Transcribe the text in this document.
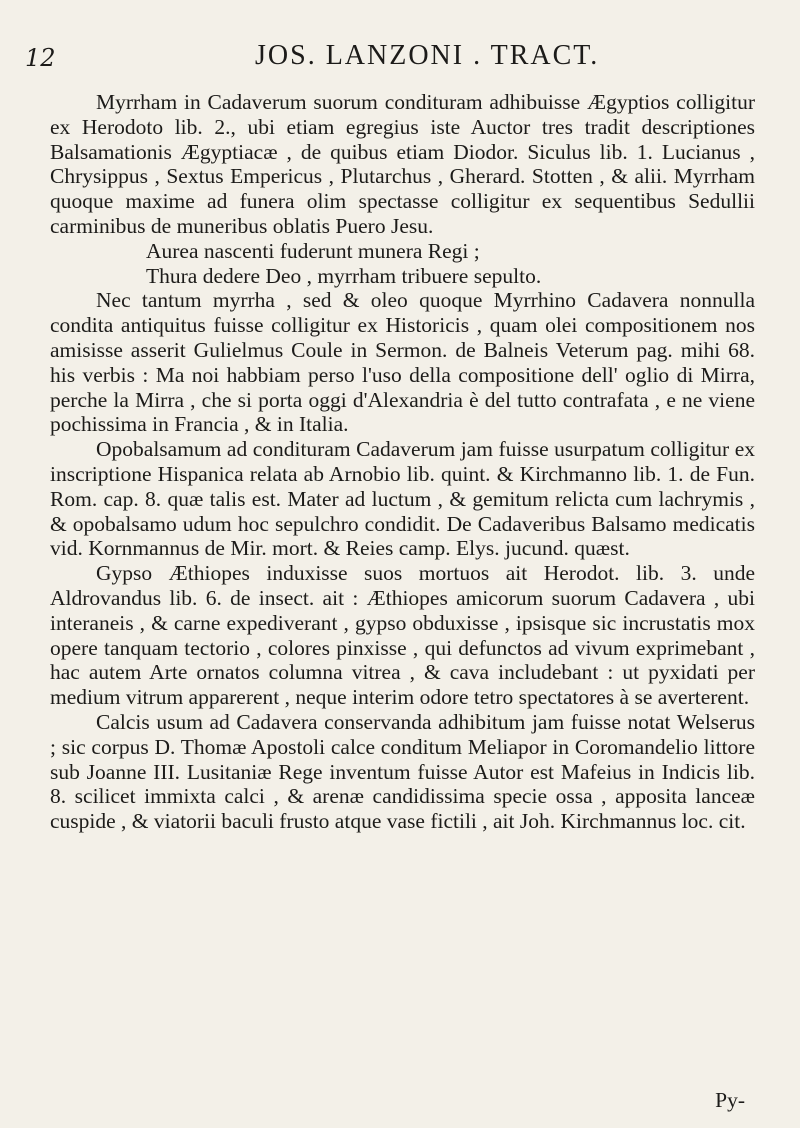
12	JOS. LANZONI . TRACT.

Myrrham in Cadaverum suorum condituram adhibuisse Ægyptios colligitur ex Herodoto lib. 2., ubi etiam egregius iste Auctor tres tradit descriptiones Balsamationis Ægyptiacæ , de quibus etiam Diodor. Siculus lib. 1. Lucianus , Chrysippus , Sextus Empericus , Plutarchus , Gherard. Stotten , & alii. Myrrham quoque maxime ad funera olim spectasse colligitur ex sequentibus Sedullii carminibus de muneribus oblatis Puero Jesu.

Aurea nascenti fuderunt munera Regi ;

Thura dedere Deo , myrrham tribuere sepulto.

Nec tantum myrrha , sed & oleo quoque Myrrhino Cadavera nonnulla condita antiquitus fuisse colligitur ex Historicis , quam olei compositionem nos amisisse asserit Gulielmus Coule in Sermon. de Balneis Veterum pag. mihi 68. his verbis : Ma noi habbiam perso l'uso della compositione dell' oglio di Mirra, perche la Mirra , che si porta oggi d'Alexandria è del tutto contrafata , e ne viene pochissima in Francia , & in Italia.

Opobalsamum ad condituram Cadaverum jam fuisse usurpatum colligitur ex inscriptione Hispanica relata ab Arnobio lib. quint. & Kirchmanno lib. 1. de Fun. Rom. cap. 8. quæ talis est. Mater ad luctum , & gemitum relicta cum lachrymis , & opobalsamo udum hoc sepulchro condidit. De Cadaveribus Balsamo medicatis vid. Kornmannus de Mir. mort. & Reies camp. Elys. jucund. quæst.

Gypso Æthiopes induxisse suos mortuos ait Herodot. lib. 3. unde Aldrovandus lib. 6. de insect. ait : Æthiopes amicorum suorum Cadavera , ubi interaneis , & carne expediverant , gypso obduxisse , ipsisque sic incrustatis mox opere tanquam tectorio , colores pinxisse , qui defunctos ad vivum exprimebant , hac autem Arte ornatos columna vitrea , & cava includebant : ut pyxidati per medium vitrum apparerent , neque interim odore tetro spectatores à se averterent.

Calcis usum ad Cadavera conservanda adhibitum jam fuisse notat Welserus ; sic corpus D. Thomæ Apostoli calce conditum Meliapor in Coromandelio littore sub Joanne III. Lusitaniæ Rege inventum fuisse Autor est Mafeius in Indicis lib. 8. scilicet immixta calci , & arenæ candidissima specie ossa , apposita lanceæ cuspide , & viatorii baculi frusto atque vase fictili , ait Joh. Kirchmannus loc. cit.

Py-
